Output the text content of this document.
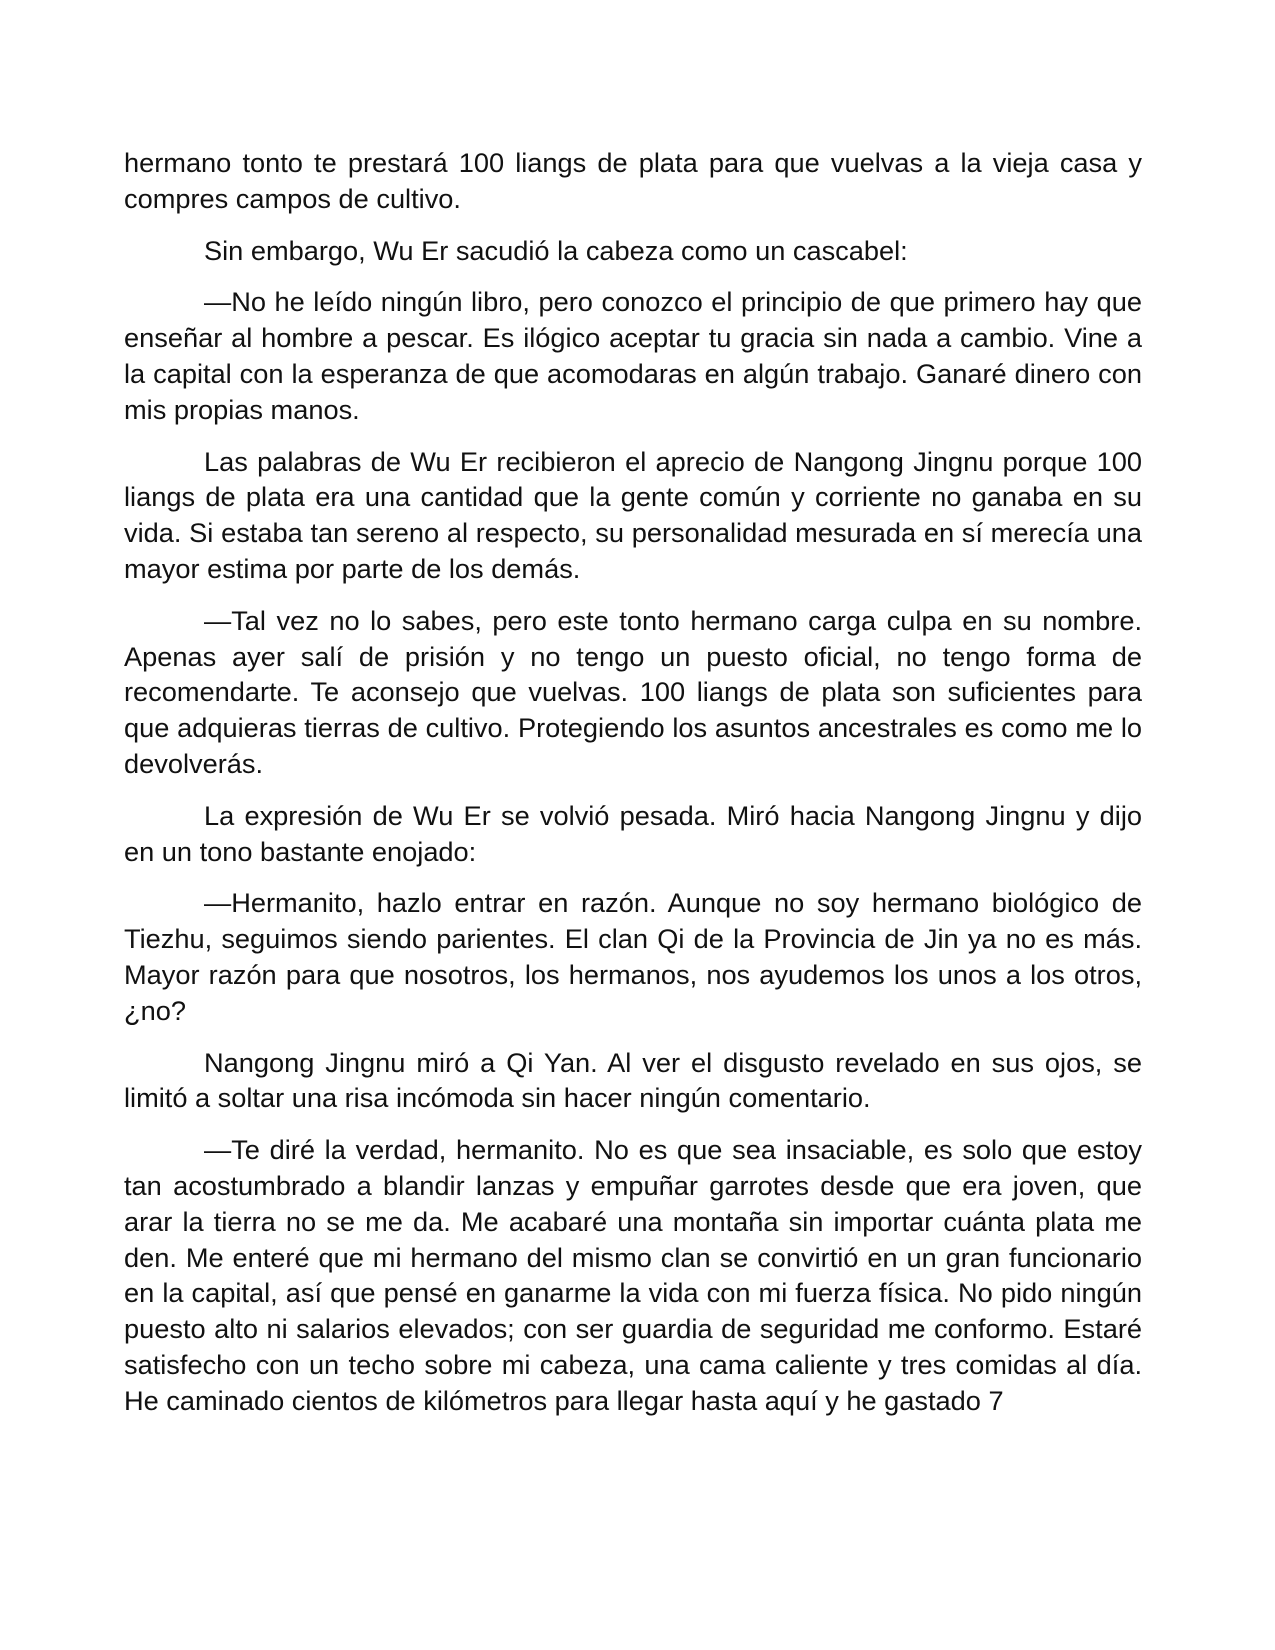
hermano tonto te prestará 100 liangs de plata para que vuelvas a la vieja casa y compres campos de cultivo.

Sin embargo, Wu Er sacudió la cabeza como un cascabel:

—No he leído ningún libro, pero conozco el principio de que primero hay que enseñar al hombre a pescar. Es ilógico aceptar tu gracia sin nada a cambio. Vine a la capital con la esperanza de que acomodaras en algún trabajo. Ganaré dinero con mis propias manos.

Las palabras de Wu Er recibieron el aprecio de Nangong Jingnu porque 100 liangs de plata era una cantidad que la gente común y corriente no ganaba en su vida. Si estaba tan sereno al respecto, su personalidad mesurada en sí merecía una mayor estima por parte de los demás.

—Tal vez no lo sabes, pero este tonto hermano carga culpa en su nombre. Apenas ayer salí de prisión y no tengo un puesto oficial, no tengo forma de recomendarte. Te aconsejo que vuelvas. 100 liangs de plata son suficientes para que adquieras tierras de cultivo. Protegiendo los asuntos ancestrales es como me lo devolverás.

La expresión de Wu Er se volvió pesada. Miró hacia Nangong Jingnu y dijo en un tono bastante enojado:

—Hermanito, hazlo entrar en razón. Aunque no soy hermano biológico de Tiezhu, seguimos siendo parientes. El clan Qi de la Provincia de Jin ya no es más. Mayor razón para que nosotros, los hermanos, nos ayudemos los unos a los otros, ¿no?

Nangong Jingnu miró a Qi Yan. Al ver el disgusto revelado en sus ojos, se limitó a soltar una risa incómoda sin hacer ningún comentario.

—Te diré la verdad, hermanito. No es que sea insaciable, es solo que estoy tan acostumbrado a blandir lanzas y empuñar garrotes desde que era joven, que arar la tierra no se me da. Me acabaré una montaña sin importar cuánta plata me den. Me enteré que mi hermano del mismo clan se convirtió en un gran funcionario en la capital, así que pensé en ganarme la vida con mi fuerza física. No pido ningún puesto alto ni salarios elevados; con ser guardia de seguridad me conformo. Estaré satisfecho con un techo sobre mi cabeza, una cama caliente y tres comidas al día. He caminado cientos de kilómetros para llegar hasta aquí y he gastado 7
